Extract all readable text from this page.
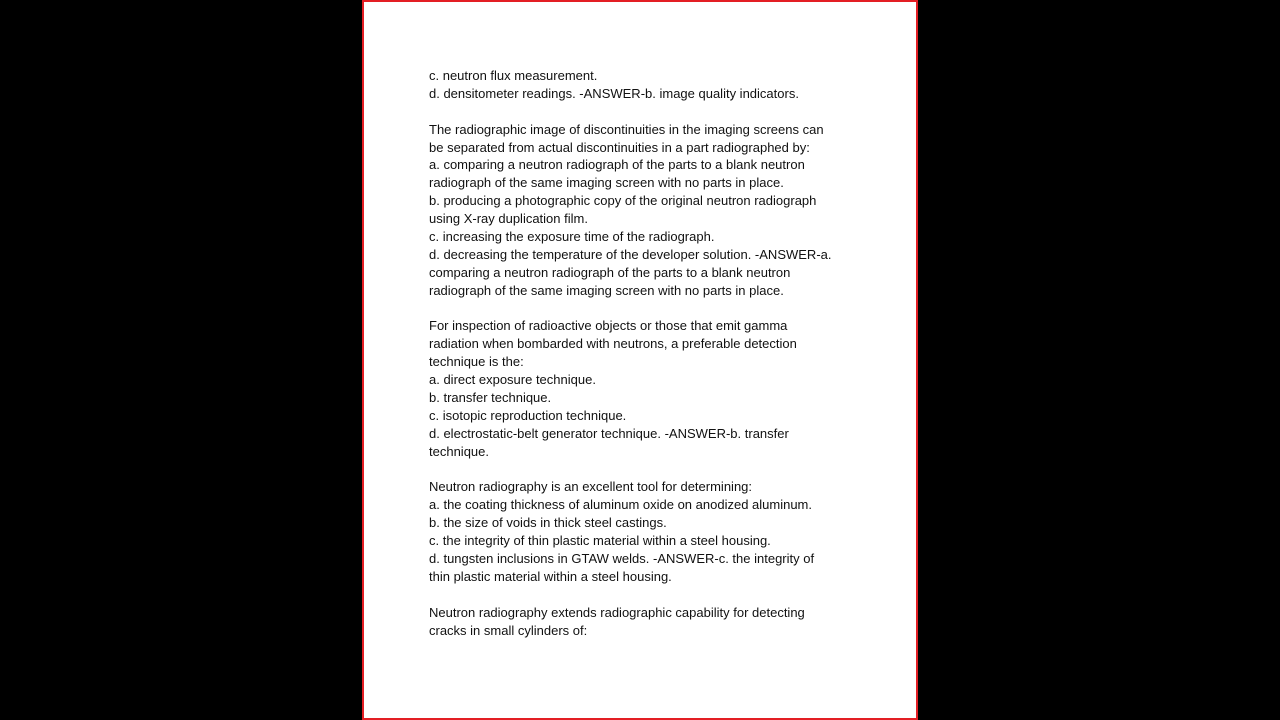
c. neutron flux measurement.
d. densitometer readings. -ANSWER-b. image quality indicators.
The radiographic image of discontinuities in the imaging screens can
be separated from actual discontinuities in a part radiographed by:
a. comparing a neutron radiograph of the parts to a blank neutron
radiograph of the same imaging screen with no parts in place.
b. producing a photographic copy of the original neutron radiograph
using X-ray duplication film.
c. increasing the exposure time of the radiograph.
d. decreasing the temperature of the developer solution. -ANSWER-a.
comparing a neutron radiograph of the parts to a blank neutron
radiograph of the same imaging screen with no parts in place.
For inspection of radioactive objects or those that emit gamma
radiation when bombarded with neutrons, a preferable detection
technique is the:
a. direct exposure technique.
b. transfer technique.
c. isotopic reproduction technique.
d. electrostatic-belt generator technique. -ANSWER-b. transfer
technique.
Neutron radiography is an excellent tool for determining:
a. the coating thickness of aluminum oxide on anodized aluminum.
b. the size of voids in thick steel castings.
c. the integrity of thin plastic material within a steel housing.
d. tungsten inclusions in GTAW welds. -ANSWER-c. the integrity of
thin plastic material within a steel housing.
Neutron radiography extends radiographic capability for detecting
cracks in small cylinders of:
